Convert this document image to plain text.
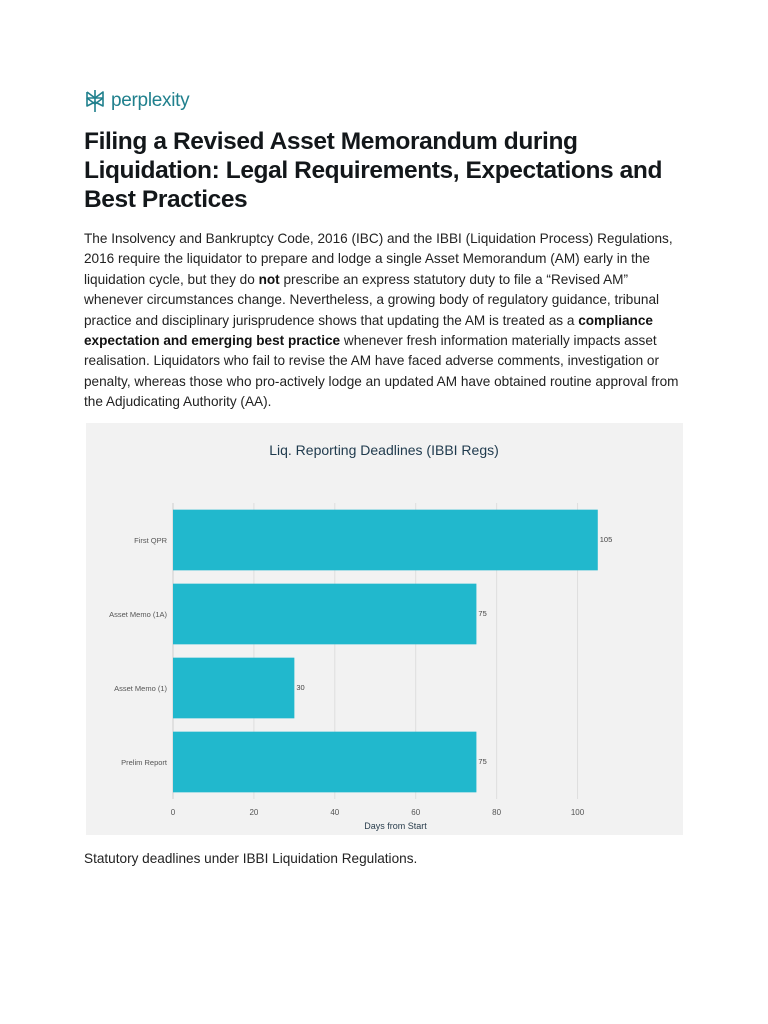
perplexity
Filing a Revised Asset Memorandum during Liquidation: Legal Requirements, Expectations and Best Practices

The Insolvency and Bankruptcy Code, 2016 (IBC) and the IBBI (Liquidation Process) Regulations, 2016 require the liquidator to prepare and lodge a single Asset Memorandum (AM) early in the liquidation cycle, but they do not prescribe an express statutory duty to file a “Revised AM” whenever circumstances change. Nevertheless, a growing body of regulatory guidance, tribunal practice and disciplinary jurisprudence shows that updating the AM is treated as a compliance expectation and emerging best practice whenever fresh information materially impacts asset realisation. Liquidators who fail to revise the AM have faced adverse comments, investigation or penalty, whereas those who pro-actively lodge an updated AM have obtained routine approval from the Adjudicating Authority (AA).

Liq. Reporting Deadlines (IBBI Regs)
0	20	40	60	80	100
First QPR	105
Asset Memo (1A)	75
Asset Memo (1)	30
Prelim Report	75
Days from Start

Statutory deadlines under IBBI Liquidation Regulations.
